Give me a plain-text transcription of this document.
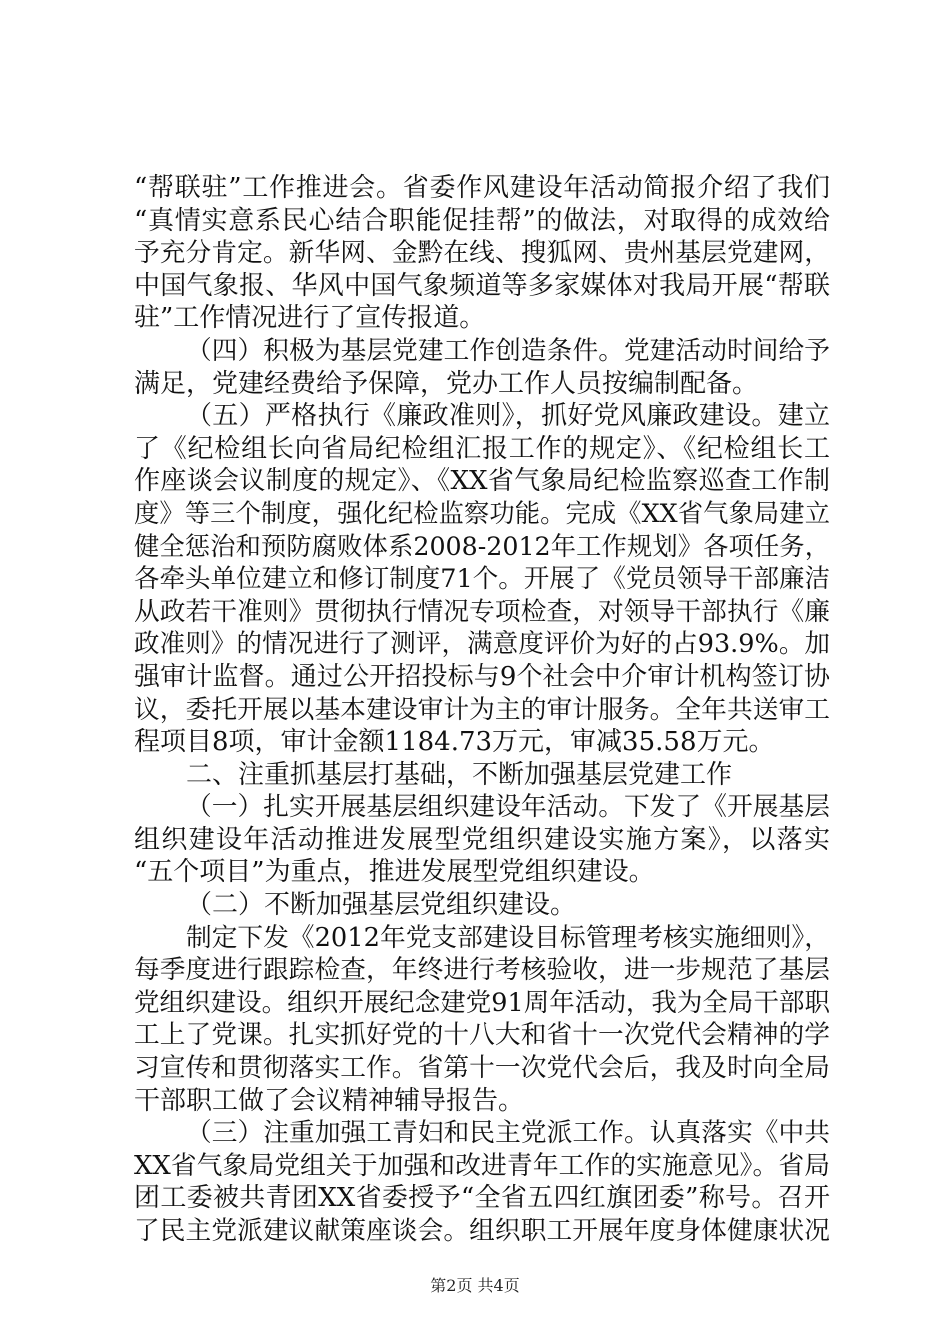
“帮联驻”工作推进会。省委作风建设年活动简报介绍了我们
“真情实意系民心结合职能促挂帮”的做法，对取得的成效给
予充分肯定。新华网、金黔在线、搜狐网、贵州基层党建网，
中国气象报、华风中国气象频道等多家媒体对我局开展“帮联
驻”工作情况进行了宣传报道。
（四）积极为基层党建工作创造条件。党建活动时间给予
满足，党建经费给予保障，党办工作人员按编制配备。
（五）严格执行《廉政准则》，抓好党风廉政建设。建立
了《纪检组长向省局纪检组汇报工作的规定》、《纪检组长工
作座谈会议制度的规定》、《XX省气象局纪检监察巡查工作制
度》等三个制度，强化纪检监察功能。完成《XX省气象局建立
健全惩治和预防腐败体系2008-2012年工作规划》各项任务，
各牵头单位建立和修订制度71个。开展了《党员领导干部廉洁
从政若干准则》贯彻执行情况专项检查，对领导干部执行《廉
政准则》的情况进行了测评，满意度评价为好的占93.9%。加
强审计监督。通过公开招投标与9个社会中介审计机构签订协
议，委托开展以基本建设审计为主的审计服务。全年共送审工
程项目8项，审计金额1184.73万元，审减35.58万元。
二、注重抓基层打基础，不断加强基层党建工作
（一）扎实开展基层组织建设年活动。下发了《开展基层
组织建设年活动推进发展型党组织建设实施方案》，以落实
“五个项目”为重点，推进发展型党组织建设。
（二）不断加强基层党组织建设。
制定下发《2012年党支部建设目标管理考核实施细则》，
每季度进行跟踪检查，年终进行考核验收，进一步规范了基层
党组织建设。组织开展纪念建党91周年活动，我为全局干部职
工上了党课。扎实抓好党的十八大和省十一次党代会精神的学
习宣传和贯彻落实工作。省第十一次党代会后，我及时向全局
干部职工做了会议精神辅导报告。
（三）注重加强工青妇和民主党派工作。认真落实《中共
XX省气象局党组关于加强和改进青年工作的实施意见》。省局
团工委被共青团XX省委授予“全省五四红旗团委”称号。召开
了民主党派建议献策座谈会。组织职工开展年度身体健康状况
第2页 共4页
